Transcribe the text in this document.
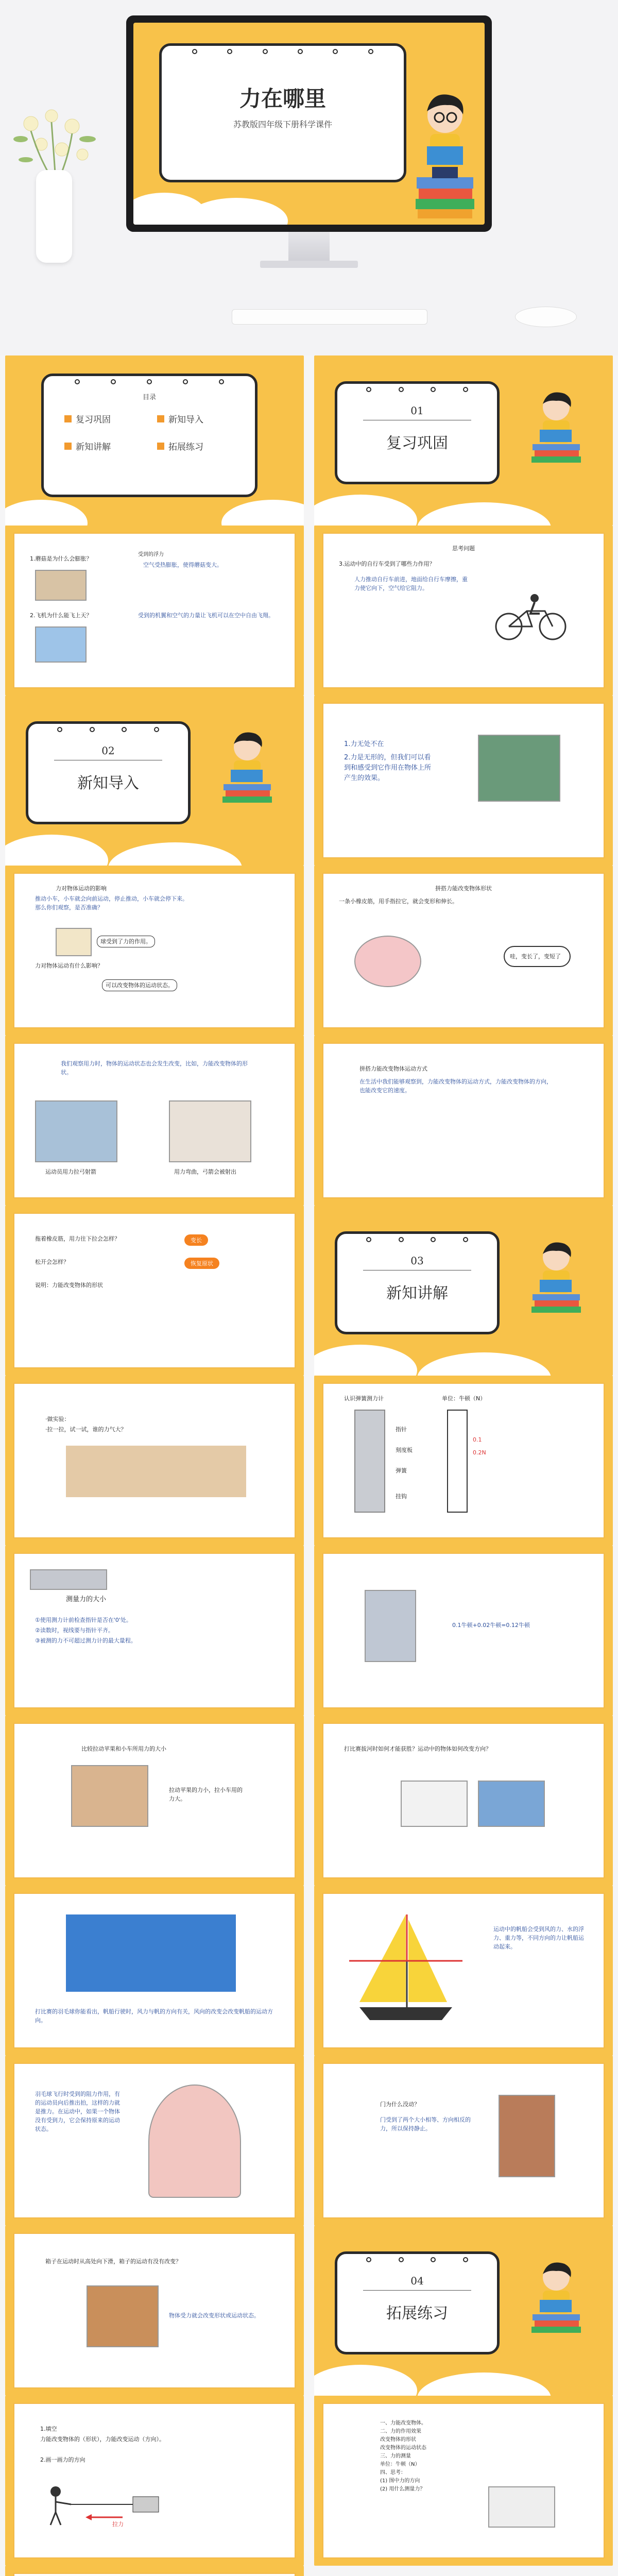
力在哪里
苏教版四年级下册科学课件
目录
复习巩固	新知导入
新知讲解	拓展练习
01
复习巩固
1.蘑菇是为什么会膨胀？
受到的浮力
空气受热膨胀，使得蘑菇变大。
2.飞机为什么能飞上天？	受到的机翼和空气的力量让飞机可以在空中自由飞翔。
思考问题
3.运动中的自行车受到了哪些力作用？
人力推动自行车前进，地面给自行车摩擦，重力使它向下，空气给它阻力。
02
新知导入
1.力无处不在
2.力是无形的，但我们可以看到和感受到它作用在物体上所产生的效果。
力对物体运动的影响
推动小车，小车就会向前运动，停止推动，小车就会停下来。那么你们观察，是否准确？
球受到了力的作用。
力对物体运动有什么影响？
可以改变物体的运动状态。
拼搭力能改变物体形状
一条小橡皮筋，用手指拉它，就会变形和伸长。
哇，变长了，变短了
我们观察用力时，物体的运动状态也会发生改变，比如，力能改变物体的形状。
运动员用力拉弓射箭	用力弯曲，弓箭会被射出
拼搭力能改变物体运动方式
在生活中我们能够观察到，力能改变物体的运动方式，力能改变物体的方向，也能改变它的速度。
拖着橡皮筋，用力往下拉会怎样？	变长
松开会怎样？	恢复原状
说明：力能改变物体的形状
03
新知讲解
·做实验：
·拉一拉，试一试，谁的力气大？
认识弹簧测力计	单位：牛顿（N）
指针
刻度板
弹簧
挂钩
0.1
0.2N
测量力的大小
①使用测力计前检查指针是否在'0'处。
②读数时，视线要与指针平齐。
③被测的力不可超过测力计的最大量程。
0.1牛顿+0.02牛顿=0.12牛顿
比较拉动苹果和小车所用力的大小
拉动苹果的力小，拉小车用的力大。
打比赛拔河时如何才能获胜？运动中的物体如何改变方向？
打比赛的羽毛球你能看出，帆船行驶时，风力与帆的方向有关，风向的改变会改变帆船的运动方向。
运动中的帆船会受到风的力、水的浮力、重力等，不同方向的力让帆船运动起来。
羽毛球飞行时受到的阻力作用，有的运动员向后推出拍，这样的力就是推力。在运动中，如果一个物体没有受到力，它会保持原来的运动状态。
门为什么没动？
门受到了两个大小相等、方向相反的力，所以保持静止。
箱子在运动时从高处向下滑，箱子的运动有没有改变？
物体受力就会改变形状或运动状态。
04
拓展练习
1.填空
力能改变物体的（形状），力能改变运动（方向）。
2.画一画力的方向
拉力
一、力能改变物体。
二、力的作用效果
改变物体的形状
改变物体的运动状态
三、力的测量
单位：牛顿（N）
四、思考：
(1) 图中力的方向
(2) 用什么测量力？
